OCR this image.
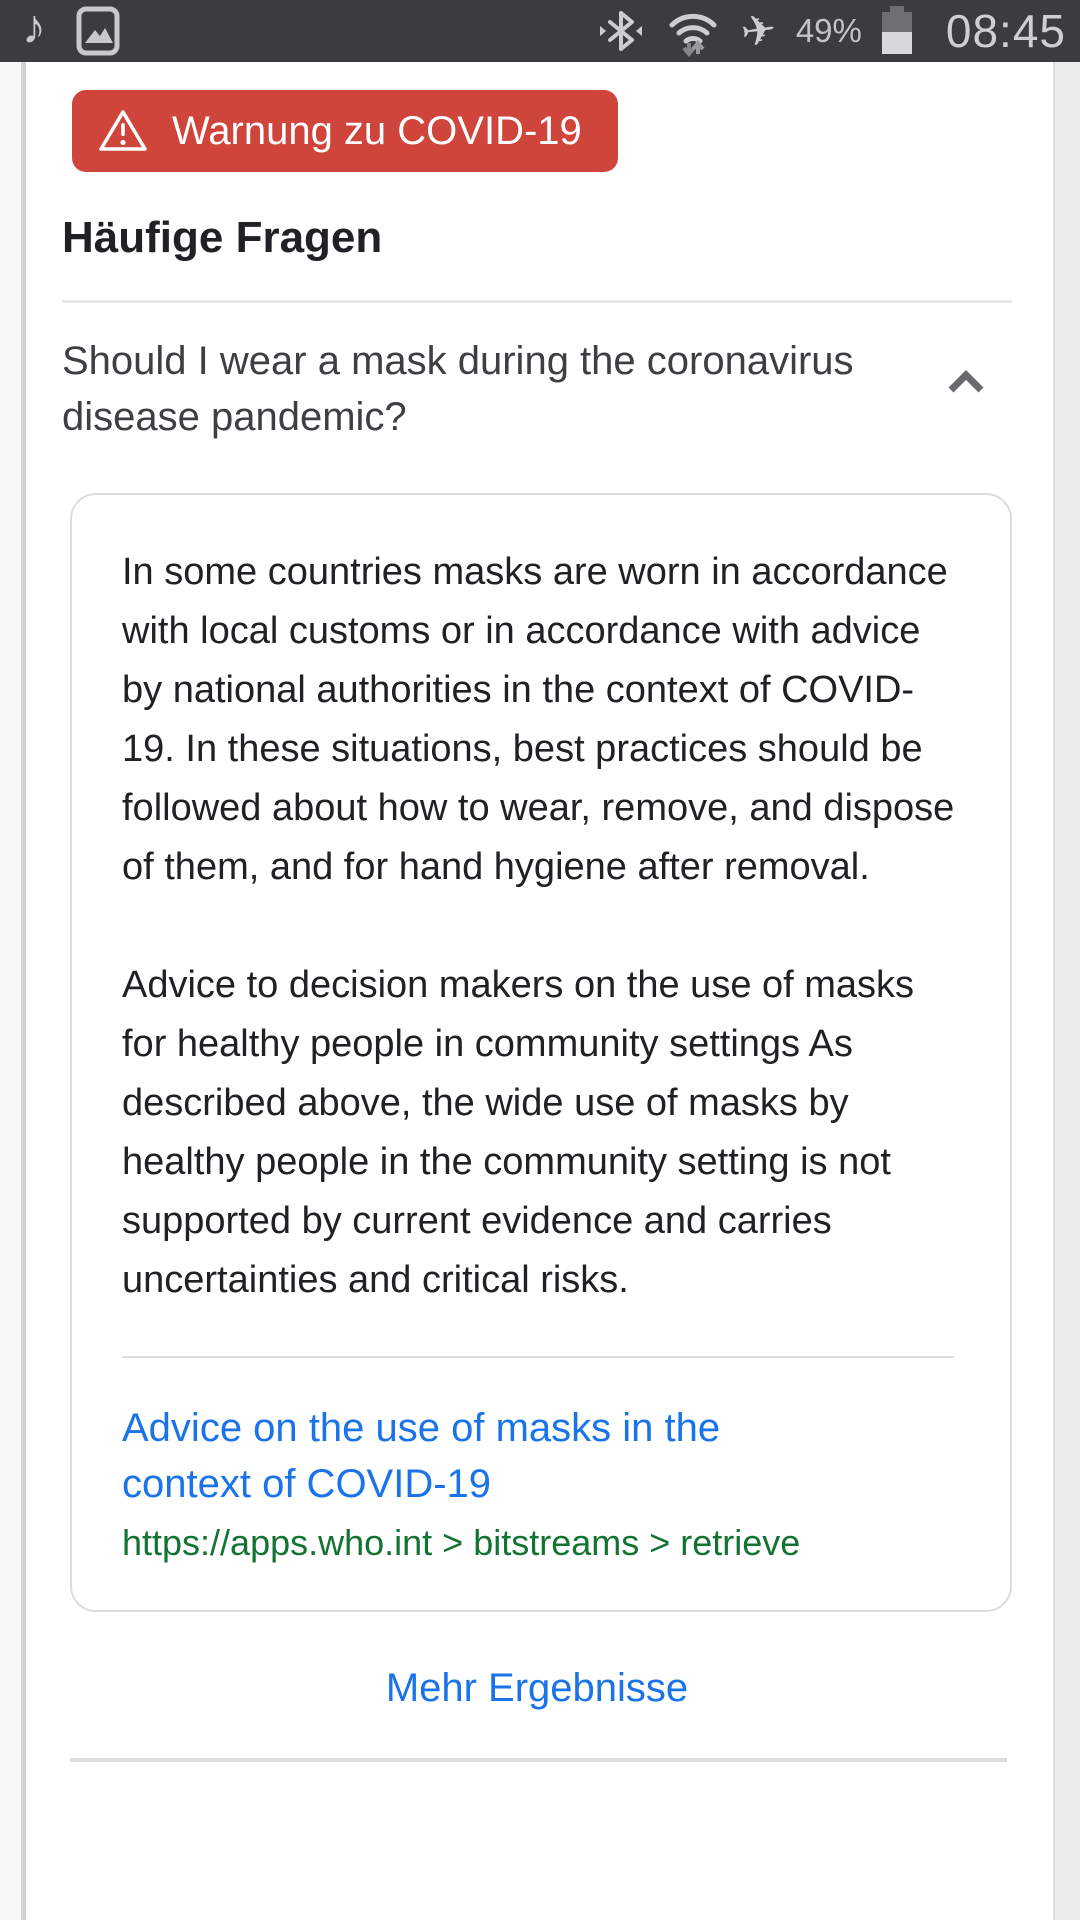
♪	✈ 49% 08:45
Warnung zu COVID-19
Häufige Fragen
Should I wear a mask during the coronavirus disease pandemic?

In some countries masks are worn in accordance with local customs or in accordance with advice by national authorities in the context of COVID-19. In these situations, best practices should be followed about how to wear, remove, and dispose of them, and for hand hygiene after removal.

Advice to decision makers on the use of masks for healthy people in community settings As described above, the wide use of masks by healthy people in the community setting is not supported by current evidence and carries uncertainties and critical risks.

Advice on the use of masks in the context of COVID-19
https://apps.who.int > bitstreams > retrieve
Mehr Ergebnisse
